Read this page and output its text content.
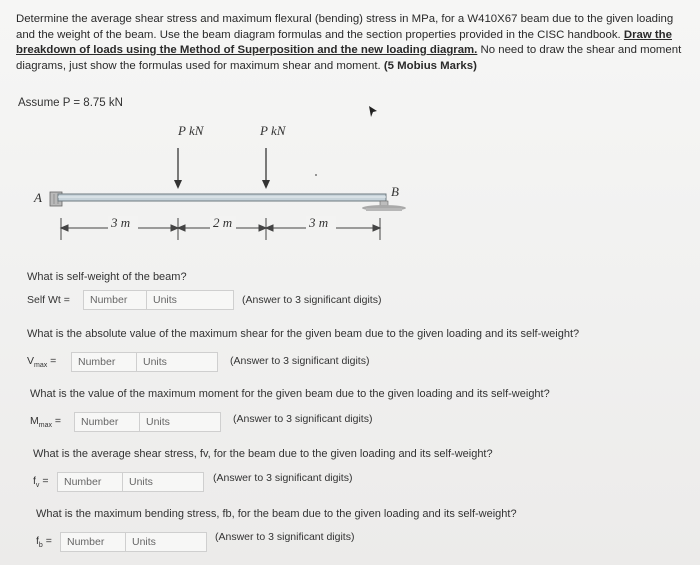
Determine the average shear stress and maximum flexural (bending) stress in MPa, for a W410X67 beam due to the given loading and the weight of the beam. Use the beam diagram formulas and the section properties provided in the CISC handbook. Draw the breakdown of loads using the Method of Superposition and the new loading diagram. No need to draw the shear and moment diagrams, just show the formulas used for maximum shear and moment. (5 Mobius Marks)
Assume P = 8.75 kN
P kN	P kN
A	B
3 m	2 m	3 m
What is self-weight of the beam?
Self Wt =	Number	Units	(Answer to 3 significant digits)
What is the absolute value of the maximum shear for the given beam due to the given loading and its self-weight?
$V_{max}$ =	Number	Units	(Answer to 3 significant digits)
What is the value of the maximum moment for the given beam due to the given loading and its self-weight?
$M_{max}$ =	Number	Units	(Answer to 3 significant digits)
What is the average shear stress, fv, for the beam due to the given loading and its self-weight?
$f_v$ =	Number	Units	(Answer to 3 significant digits)
What is the maximum bending stress, fb, for the beam due to the given loading and its self-weight?
$f_b$ =	Number	Units	(Answer to 3 significant digits)
